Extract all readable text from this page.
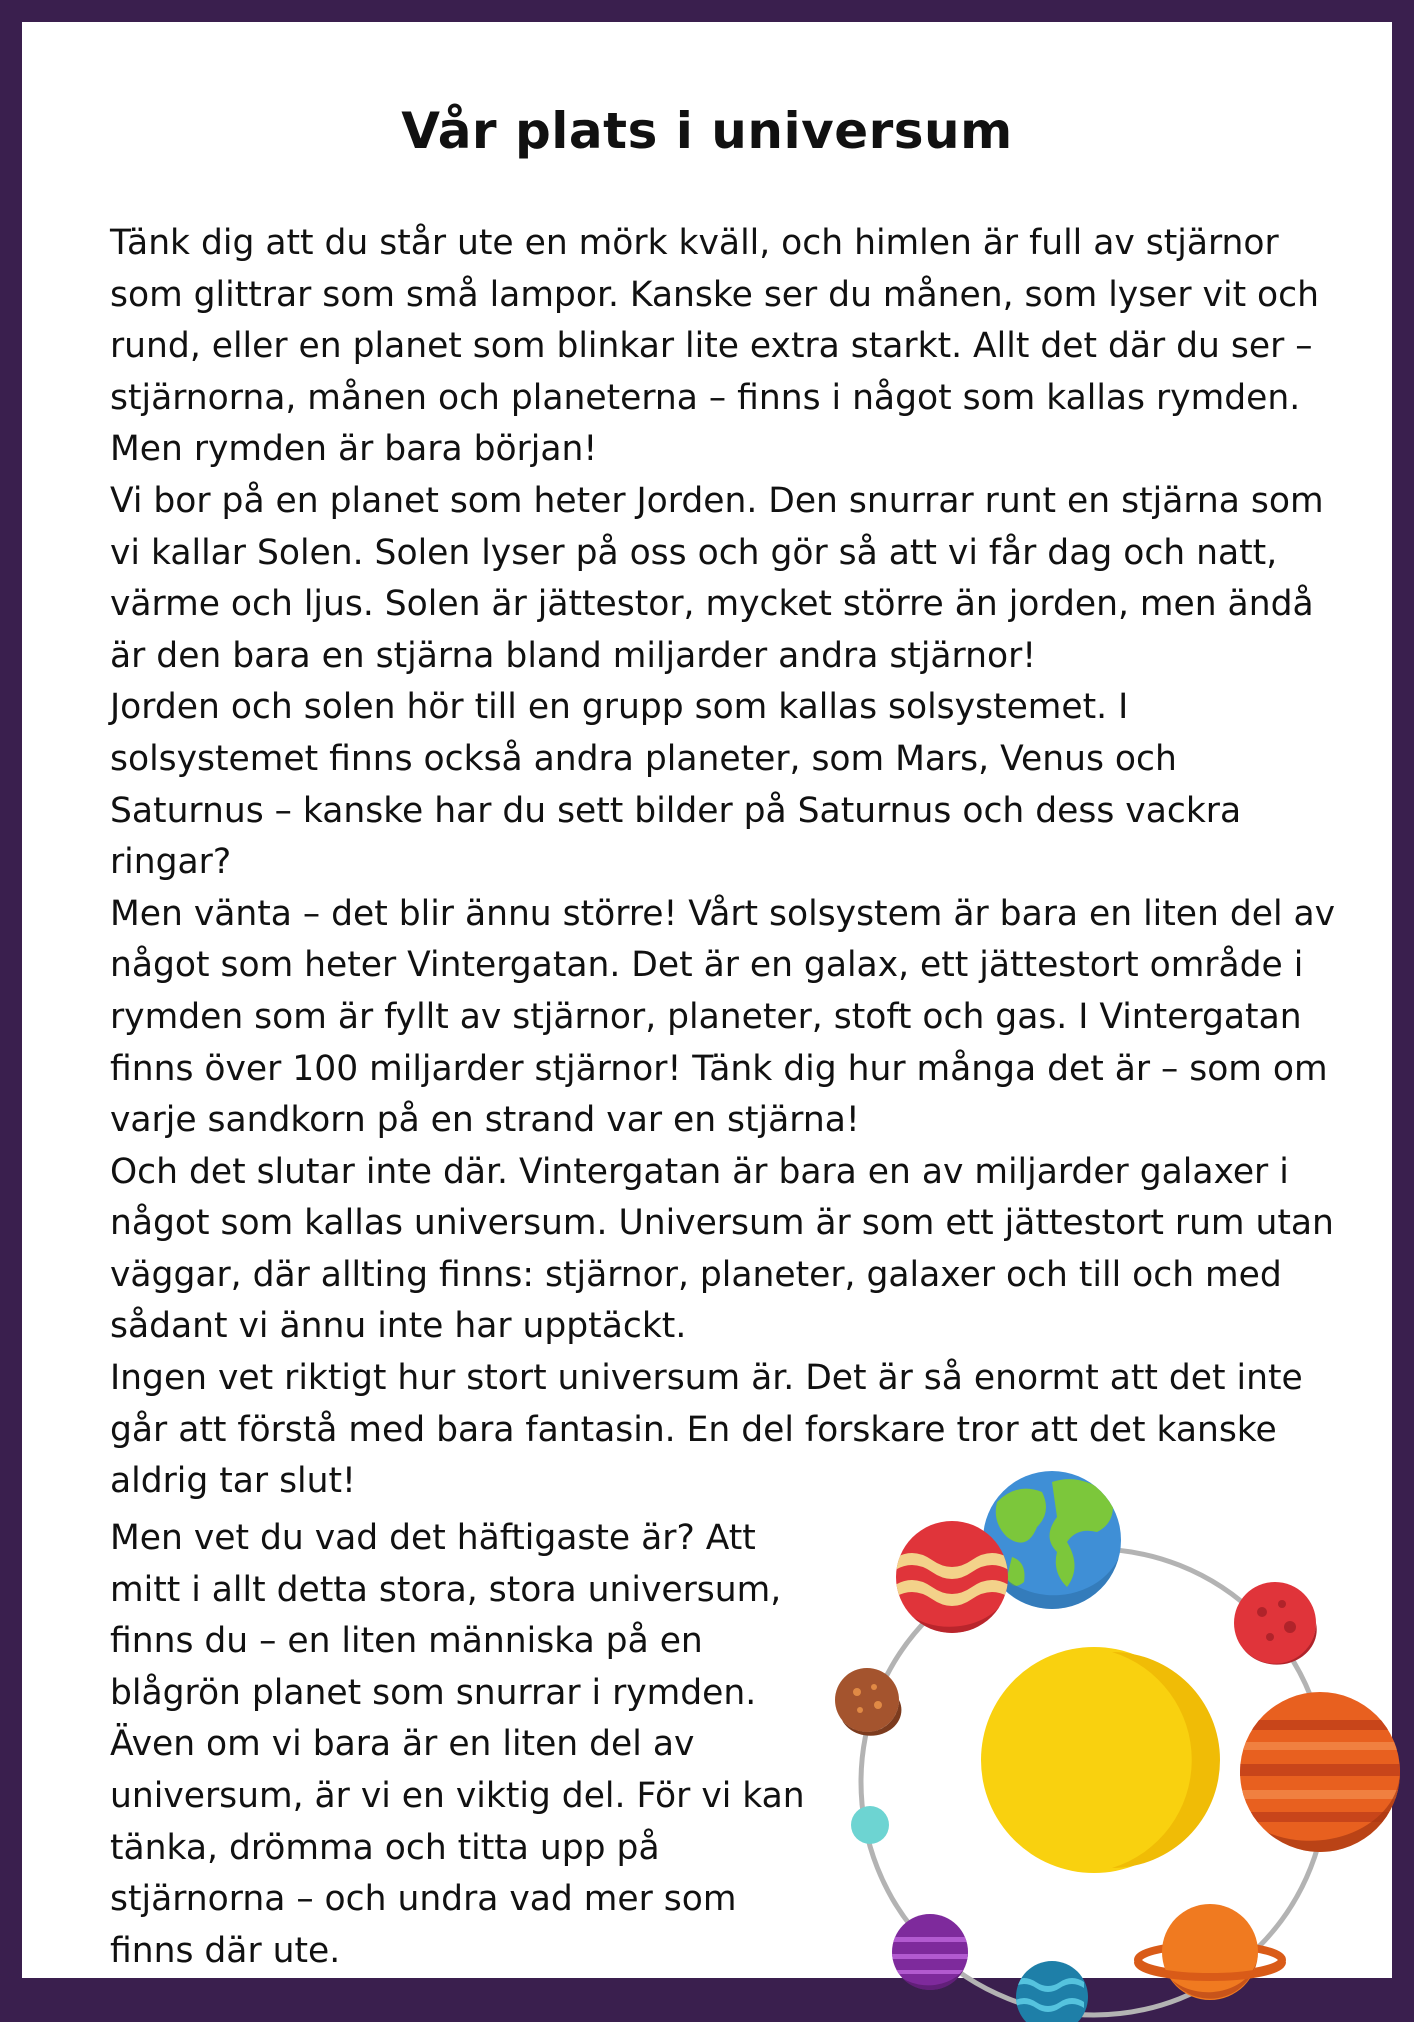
Vår plats i universum

Tänk dig att du står ute en mörk kväll, och himlen är full av stjärnor som glittrar som små lampor. Kanske ser du månen, som lyser vit och rund, eller en planet som blinkar lite extra starkt. Allt det där du ser – stjärnorna, månen och planeterna – finns i något som kallas rymden. Men rymden är bara början!

Vi bor på en planet som heter Jorden. Den snurrar runt en stjärna som vi kallar Solen. Solen lyser på oss och gör så att vi får dag och natt, värme och ljus. Solen är jättestor, mycket större än jorden, men ändå är den bara en stjärna bland miljarder andra stjärnor!

Jorden och solen hör till en grupp som kallas solsystemet. I solsystemet finns också andra planeter, som Mars, Venus och Saturnus – kanske har du sett bilder på Saturnus och dess vackra ringar?

Men vänta – det blir ännu större! Vårt solsystem är bara en liten del av något som heter Vintergatan. Det är en galax, ett jättestort område i rymden som är fyllt av stjärnor, planeter, stoft och gas. I Vintergatan finns över 100 miljarder stjärnor! Tänk dig hur många det är – som om varje sandkorn på en strand var en stjärna!

Och det slutar inte där. Vintergatan är bara en av miljarder galaxer i något som kallas universum. Universum är som ett jättestort rum utan väggar, där allting finns: stjärnor, planeter, galaxer och till och med sådant vi ännu inte har upptäckt.

Ingen vet riktigt hur stort universum är. Det är så enormt att det inte går att förstå med bara fantasin. En del forskare tror att det kanske aldrig tar slut!

Men vet du vad det häftigaste är? Att mitt i allt detta stora, stora universum, finns du – en liten människa på en blågrön planet som snurrar i rymden. Även om vi bara är en liten del av universum, är vi en viktig del. För vi kan tänka, drömma och titta upp på stjärnorna – och undra vad mer som finns där ute.
